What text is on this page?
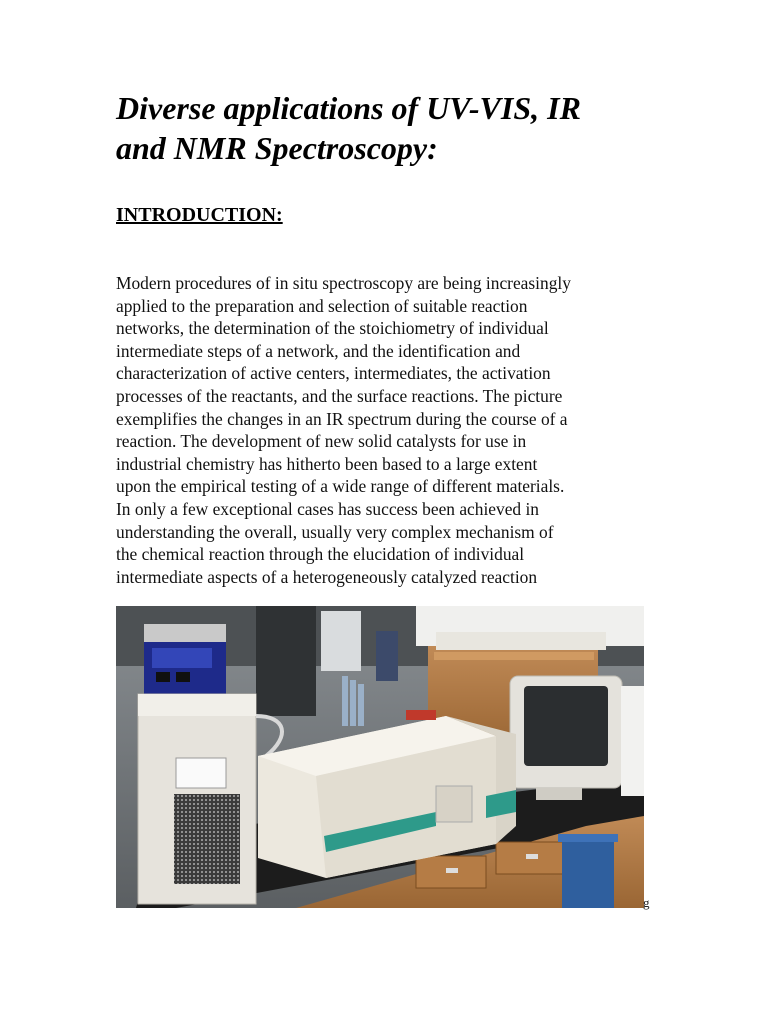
Diverse applications of UV-VIS, IR
and NMR Spectroscopy:
INTRODUCTION:
Modern procedures of in situ spectroscopy are being increasingly
applied to the preparation and selection of suitable reaction
networks, the determination of the stoichiometry of individual
intermediate steps of a network, and the identification and
characterization of active centers, intermediates, the activation
processes of the reactants, and the surface reactions. The picture
exemplifies the changes in an IR spectrum during the course of a
reaction. The development of new solid catalysts for use in
industrial chemistry has hitherto been based to a large extent
upon the empirical testing of a wide range of different materials.
In only a few exceptional cases has success been achieved in
understanding the overall, usually very complex mechanism of
the chemical reaction through the elucidation of individual
intermediate aspects of a heterogeneously catalyzed reaction
g
